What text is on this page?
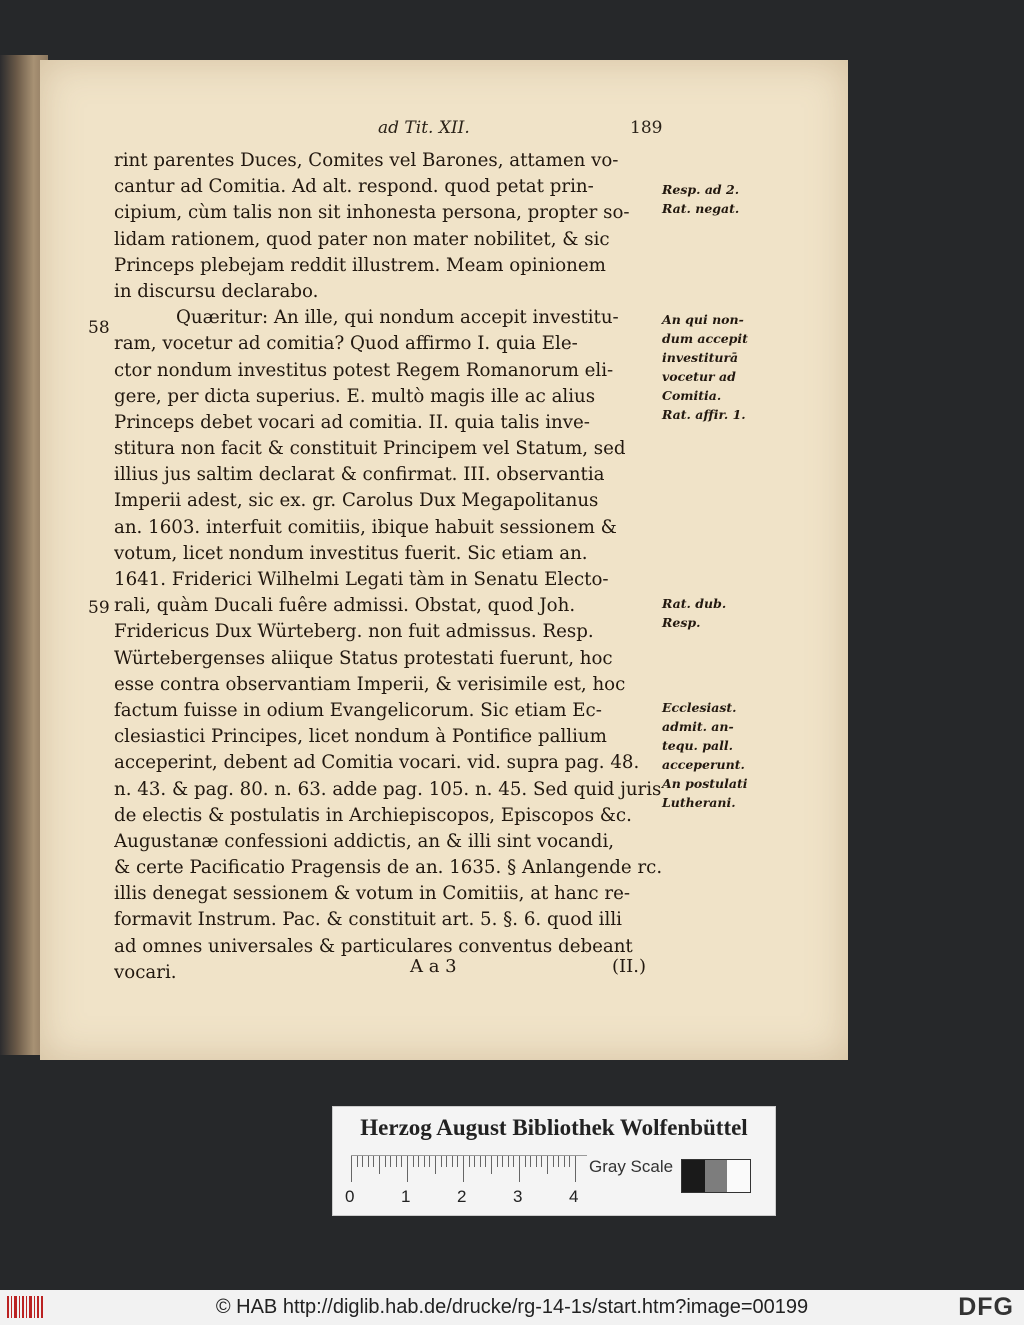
ad Tit. XII.	189
rint parentes Duces, Comites vel Barones, attamen vo-
cantur ad Comitia. Ad alt. respond. quod petat prin-
cipium, cùm talis non sit inhonesta persona, propter so-
lidam rationem, quod pater non mater nobilitet, & sic
Princeps plebejam reddit illustrem. Meam opinionem
in discursu declarabo.
Quæritur: An ille, qui nondum accepit investitu-
ram, vocetur ad comitia? Quod affirmo I. quia Ele-
ctor nondum investitus potest Regem Romanorum eli-
gere, per dicta superius. E. multò magis ille ac alius
Princeps debet vocari ad comitia. II. quia talis inve-
stitura non facit & constituit Principem vel Statum, sed
illius jus saltim declarat & confirmat. III. observantia
Imperii adest, sic ex. gr. Carolus Dux Megapolitanus
an. 1603. interfuit comitiis, ibique habuit sessionem &
votum, licet nondum investitus fuerit. Sic etiam an.
1641. Friderici Wilhelmi Legati tàm in Senatu Electo-
rali, quàm Ducali fuêre admissi. Obstat, quod Joh.
Fridericus Dux Würteberg. non fuit admissus. Resp.
Würtebergenses aliique Status protestati fuerunt, hoc
esse contra observantiam Imperii, & verisimile est, hoc
factum fuisse in odium Evangelicorum. Sic etiam Ec-
clesiastici Principes, licet nondum à Pontifice pallium
acceperint, debent ad Comitia vocari. vid. supra pag. 48.
n. 43. & pag. 80. n. 63. adde pag. 105. n. 45. Sed quid juris
de electis & postulatis in Archiepiscopos, Episcopos &c.
Augustanæ confessioni addictis, an & illi sint vocandi,
& certe Pacificatio Pragensis de an. 1635. § Anlangende rc.
illis denegat sessionem & votum in Comitiis, at hanc re-
formavit Instrum. Pac. & constituit art. 5. §. 6. quod illi
ad omnes universales & particulares conventus debeant
vocari.
58
59
Resp. ad 2.
Rat. negat.
An qui non-
dum accepit
investiturā
vocetur ad
Comitia.
Rat. affir. 1.
Rat. dub.
Resp.
Ecclesiast.
admit. an-
tequ. pall.
acceperunt.
An postulati
Lutherani.
A a 3	(II.)
Herzog August Bibliothek Wolfenbüttel
0	1	2	3	4
Gray Scale
© HAB http://diglib.hab.de/drucke/rg-14-1s/start.htm?image=00199	DFG
